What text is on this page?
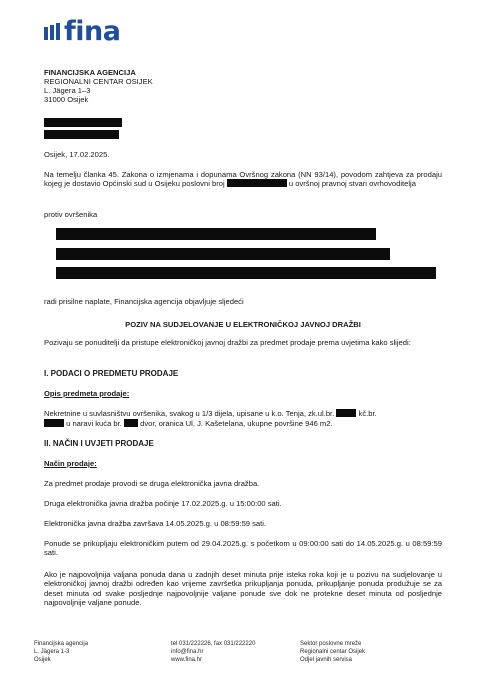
fina
FINANCIJSKA AGENCIJA
REGIONALNI CENTAR OSIJEK
L. Jägera 1–3
31000 Osijek
Osijek, 17.02.2025.
Na temelju članka 45. Zakona o izmjenama i dopunama Ovršnog zakona (NN 93/14), povodom zahtjeva za prodaju kojeg je dostavio Općinski sud u Osijeku poslovni broj	u ovršnoj pravnoj stvari ovrhovoditelja
protiv ovršenika
radi prisilne naplate, Financijska agencija objavljuje sljedeći
POZIV NA SUDJELOVANJE U ELEKTRONIČKOJ JAVNOJ DRAŽBI
Pozivaju se ponuditelji da pristupe elektroničkoj javnoj dražbi za predmet prodaje prema uvjetima kako slijedi:
I. PODACI O PREDMETU PRODAJE
Opis predmeta prodaje:
Nekretnine u suvlasništvu ovršenika, svakog u 1/3 dijela, upisane u k.o. Tenja, zk.ul.br.	kč.br.
u naravi kuća br. dvor, oranica Ul. J. Kašetelana, ukupne površine 946 m2.
II. NAČIN I UVJETI PRODAJE
Način prodaje:
Za predmet prodaje provodi se druga elektronička javna dražba.
Druga elektronička javna dražba počinje 17.02.2025.g. u 15:00:00 sati.
Elektronička javna dražba završava 14.05.2025.g. u 08:59:59 sati.
Ponude se prikupljaju elektroničkim putem od 29.04.2025.g. s početkom u 09:00:00 sati do 14.05.2025.g. u 08:59:59 sati.
Ako je najpovoljnija valjana ponuda dana u zadnjih deset minuta prije isteka roka koji je u pozivu na sudjelovanje u elektroničkoj javnoj dražbi određen kao vrijeme završetka prikupljanja ponuda, prikupljanje ponuda produžuje se za deset minuta od svake posljednje najpovoljnije valjane ponude sve dok ne protekne deset minuta od posljednje najpovoljnije valjane ponude.
Financijska agencija
L. Jägera 1-3
Osijek
tel 031/222226, fax 031/222220
info@fina.hr
www.fina.hr
Sektor poslovne mreže
Regionalni centar Osijek
Odjel javnih servisa
